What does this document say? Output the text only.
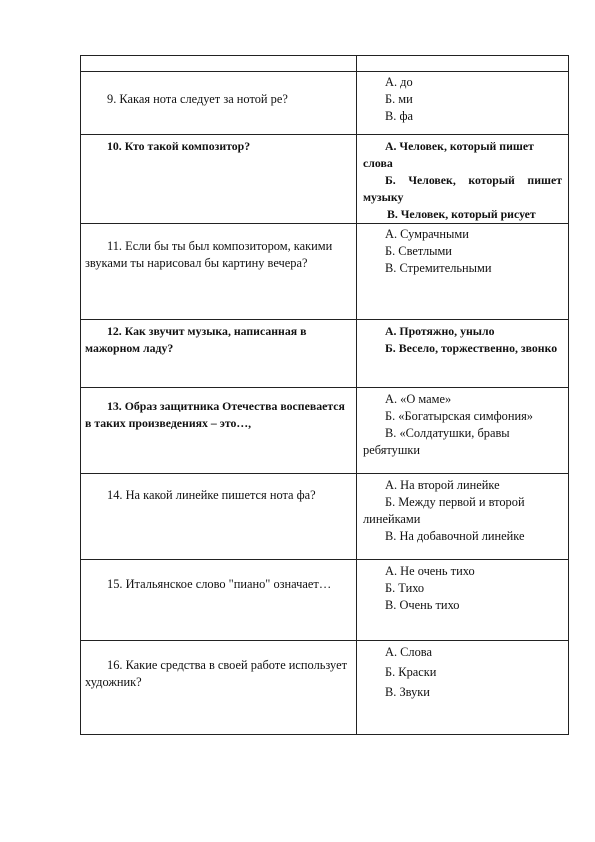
9. Какая нота следует за нотой ре?	А. до
Б. ми
В. фа

10. Кто такой композитор?	А. Человек, который пишет слова
Б. Человек, который пишет музыку
В. Человек, который рисует

11. Если бы ты был композитором, какими звуками ты нарисовал бы картину вечера?	А. Сумрачными
Б. Светлыми
В. Стремительными

12. Как звучит музыка, написанная в мажорном ладу?	А. Протяжно, уныло
Б. Весело, торжественно, звонко

13. Образ защитника Отечества воспевается в таких произведениях – это…,	А. «О маме»
Б. «Богатырская симфония»
В. «Солдатушки, бравы ребятушки

14. На какой линейке пишется нота фа?	А. На второй линейке
Б. Между первой и второй линейками
В. На добавочной линейке

15. Итальянское слово "пиано" означает…	А. Не очень тихо
Б. Тихо
В. Очень тихо

16. Какие средства в своей работе использует художник?	А. Слова
Б. Краски
В. Звуки
